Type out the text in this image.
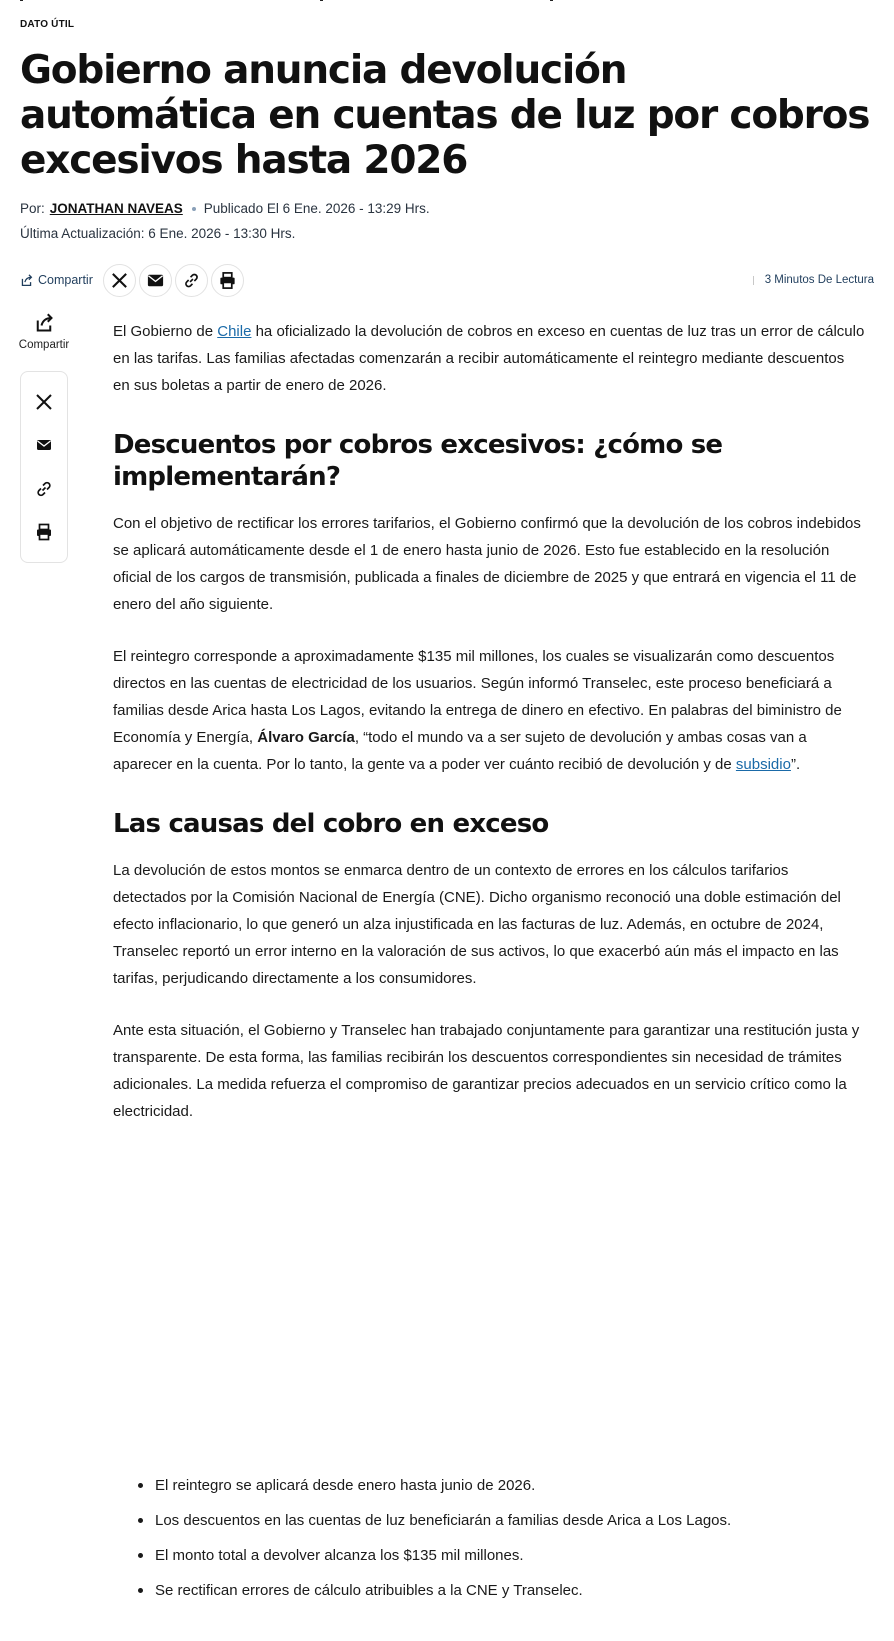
DATO ÚTIL
Gobierno anuncia devolución automática en cuentas de luz por cobros excesivos hasta 2026
Por: JONATHAN NAVEAS Publicado El 6 Ene. 2026 - 13:29 Hrs.
Última Actualización: 6 Ene. 2026 - 13:30 Hrs.
Compartir	3 Minutos De Lectura
Compartir

El Gobierno de Chile ha oficializado la devolución de cobros en exceso en cuentas de luz tras un error de cálculo en las tarifas. Las familias afectadas comenzarán a recibir automáticamente el reintegro mediante descuentos en sus boletas a partir de enero de 2026.

Descuentos por cobros excesivos: ¿cómo se implementarán?

Con el objetivo de rectificar los errores tarifarios, el Gobierno confirmó que la devolución de los cobros indebidos se aplicará automáticamente desde el 1 de enero hasta junio de 2026. Esto fue establecido en la resolución oficial de los cargos de transmisión, publicada a finales de diciembre de 2025 y que entrará en vigencia el 11 de enero del año siguiente.

El reintegro corresponde a aproximadamente $135 mil millones, los cuales se visualizarán como descuentos directos en las cuentas de electricidad de los usuarios. Según informó Transelec, este proceso beneficiará a familias desde Arica hasta Los Lagos, evitando la entrega de dinero en efectivo. En palabras del biministro de Economía y Energía, Álvaro García, “todo el mundo va a ser sujeto de devolución y ambas cosas van a aparecer en la cuenta. Por lo tanto, la gente va a poder ver cuánto recibió de devolución y de subsidio”.

Las causas del cobro en exceso

La devolución de estos montos se enmarca dentro de un contexto de errores en los cálculos tarifarios detectados por la Comisión Nacional de Energía (CNE). Dicho organismo reconoció una doble estimación del efecto inflacionario, lo que generó un alza injustificada en las facturas de luz. Además, en octubre de 2024, Transelec reportó un error interno en la valoración de sus activos, lo que exacerbó aún más el impacto en las tarifas, perjudicando directamente a los consumidores.

Ante esta situación, el Gobierno y Transelec han trabajado conjuntamente para garantizar una restitución justa y transparente. De esta forma, las familias recibirán los descuentos correspondientes sin necesidad de trámites adicionales. La medida refuerza el compromiso de garantizar precios adecuados en un servicio crítico como la electricidad.

El reintegro se aplicará desde enero hasta junio de 2026.
Los descuentos en las cuentas de luz beneficiarán a familias desde Arica a Los Lagos.
El monto total a devolver alcanza los $135 mil millones.
Se rectifican errores de cálculo atribuibles a la CNE y Transelec.
